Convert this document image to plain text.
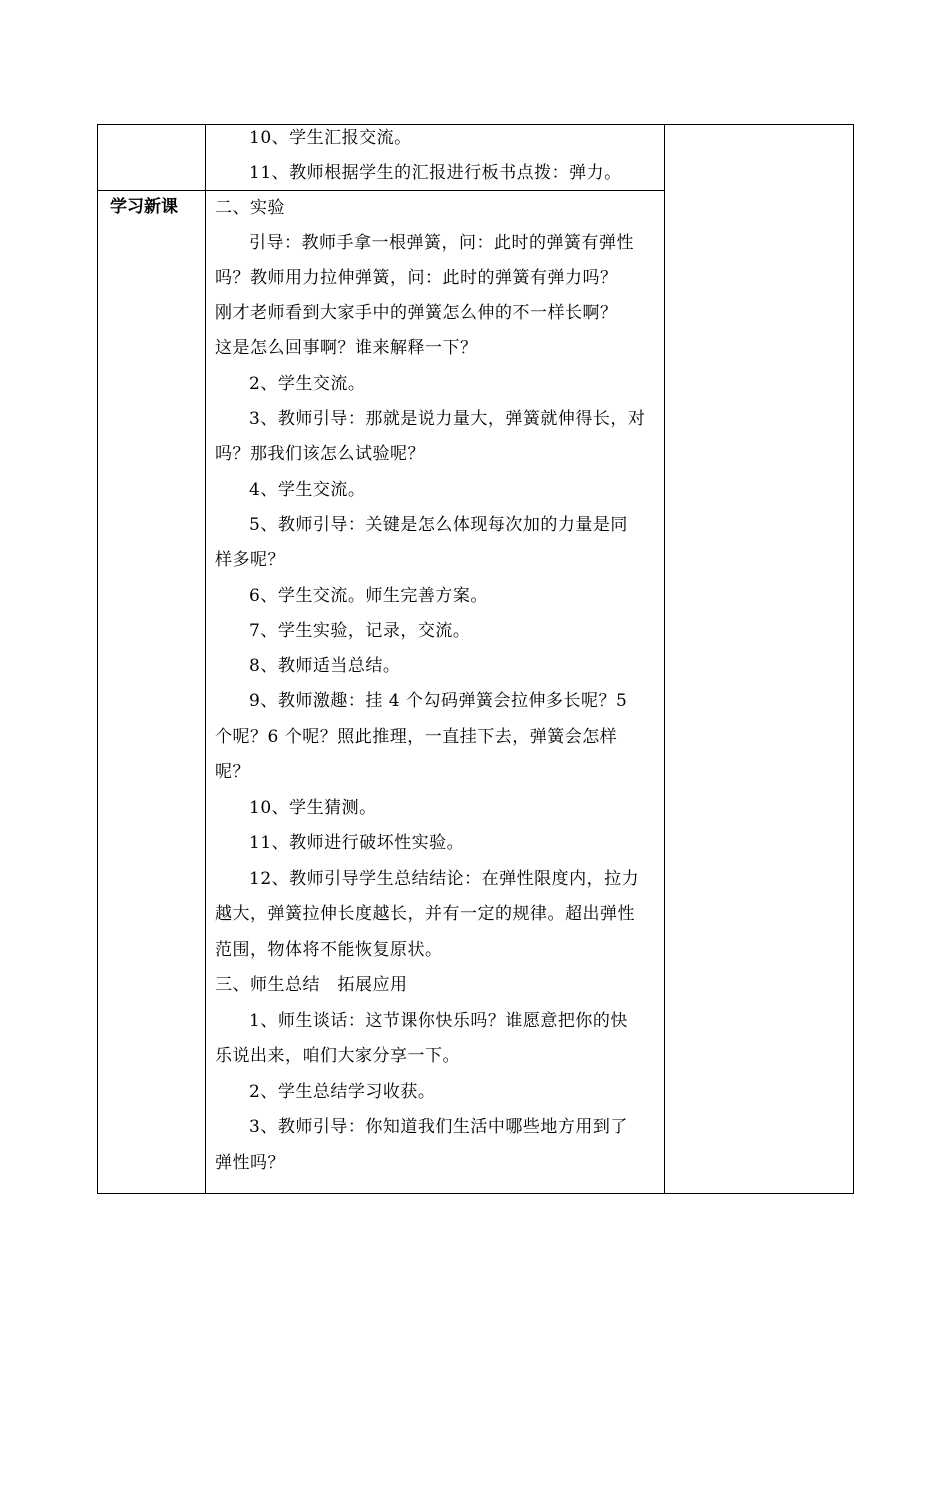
10、学生汇报交流。
11、教师根据学生的汇报进行板书点拨：弹力。
学习新课 二、实验
引导：教师手拿一根弹簧，问：此时的弹簧有弹性
吗？教师用力拉伸弹簧，问：此时的弹簧有弹力吗？
刚才老师看到大家手中的弹簧怎么伸的不一样长啊？
这是怎么回事啊？谁来解释一下？
2、学生交流。
3、教师引导：那就是说力量大，弹簧就伸得长，对
吗？那我们该怎么试验呢？
4、学生交流。
5、教师引导：关键是怎么体现每次加的力量是同
样多呢？
6、学生交流。师生完善方案。
7、学生实验，记录，交流。
8、教师适当总结。
9、教师激趣：挂 4 个勾码弹簧会拉伸多长呢？5
个呢？6 个呢？照此推理，一直挂下去，弹簧会怎样
呢？
10、学生猜测。
11、教师进行破坏性实验。
12、教师引导学生总结结论：在弹性限度内，拉力
越大，弹簧拉伸长度越长，并有一定的规律。超出弹性
范围，物体将不能恢复原状。
三、师生总结　拓展应用
1、师生谈话：这节课你快乐吗？谁愿意把你的快
乐说出来，咱们大家分享一下。
2、学生总结学习收获。
3、教师引导：你知道我们生活中哪些地方用到了
弹性吗？
